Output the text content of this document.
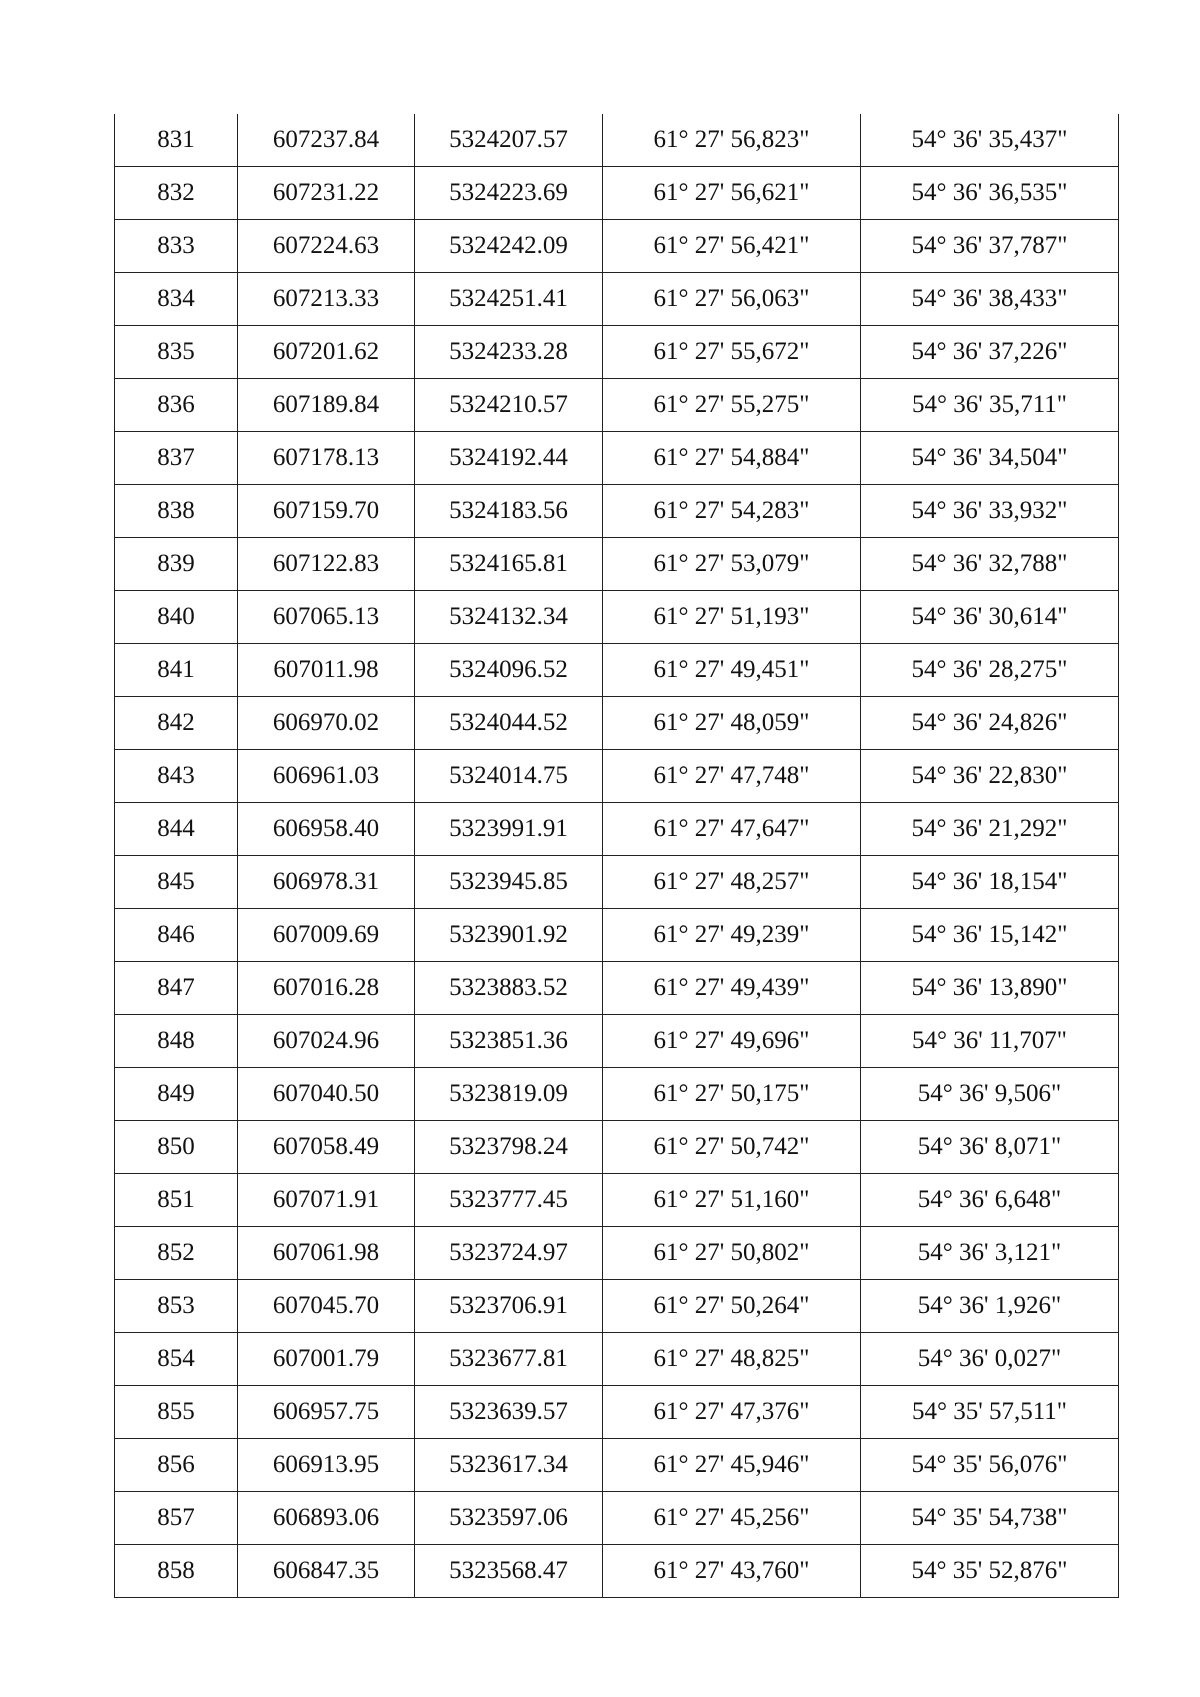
831	607237.84	5324207.57	61° 27' 56,823"	54° 36' 35,437"
832	607231.22	5324223.69	61° 27' 56,621"	54° 36' 36,535"
833	607224.63	5324242.09	61° 27' 56,421"	54° 36' 37,787"
834	607213.33	5324251.41	61° 27' 56,063"	54° 36' 38,433"
835	607201.62	5324233.28	61° 27' 55,672"	54° 36' 37,226"
836	607189.84	5324210.57	61° 27' 55,275"	54° 36' 35,711"
837	607178.13	5324192.44	61° 27' 54,884"	54° 36' 34,504"
838	607159.70	5324183.56	61° 27' 54,283"	54° 36' 33,932"
839	607122.83	5324165.81	61° 27' 53,079"	54° 36' 32,788"
840	607065.13	5324132.34	61° 27' 51,193"	54° 36' 30,614"
841	607011.98	5324096.52	61° 27' 49,451"	54° 36' 28,275"
842	606970.02	5324044.52	61° 27' 48,059"	54° 36' 24,826"
843	606961.03	5324014.75	61° 27' 47,748"	54° 36' 22,830"
844	606958.40	5323991.91	61° 27' 47,647"	54° 36' 21,292"
845	606978.31	5323945.85	61° 27' 48,257"	54° 36' 18,154"
846	607009.69	5323901.92	61° 27' 49,239"	54° 36' 15,142"
847	607016.28	5323883.52	61° 27' 49,439"	54° 36' 13,890"
848	607024.96	5323851.36	61° 27' 49,696"	54° 36' 11,707"
849	607040.50	5323819.09	61° 27' 50,175"	54° 36' 9,506"
850	607058.49	5323798.24	61° 27' 50,742"	54° 36' 8,071"
851	607071.91	5323777.45	61° 27' 51,160"	54° 36' 6,648"
852	607061.98	5323724.97	61° 27' 50,802"	54° 36' 3,121"
853	607045.70	5323706.91	61° 27' 50,264"	54° 36' 1,926"
854	607001.79	5323677.81	61° 27' 48,825"	54° 36' 0,027"
855	606957.75	5323639.57	61° 27' 47,376"	54° 35' 57,511"
856	606913.95	5323617.34	61° 27' 45,946"	54° 35' 56,076"
857	606893.06	5323597.06	61° 27' 45,256"	54° 35' 54,738"
858	606847.35	5323568.47	61° 27' 43,760"	54° 35' 52,876"
